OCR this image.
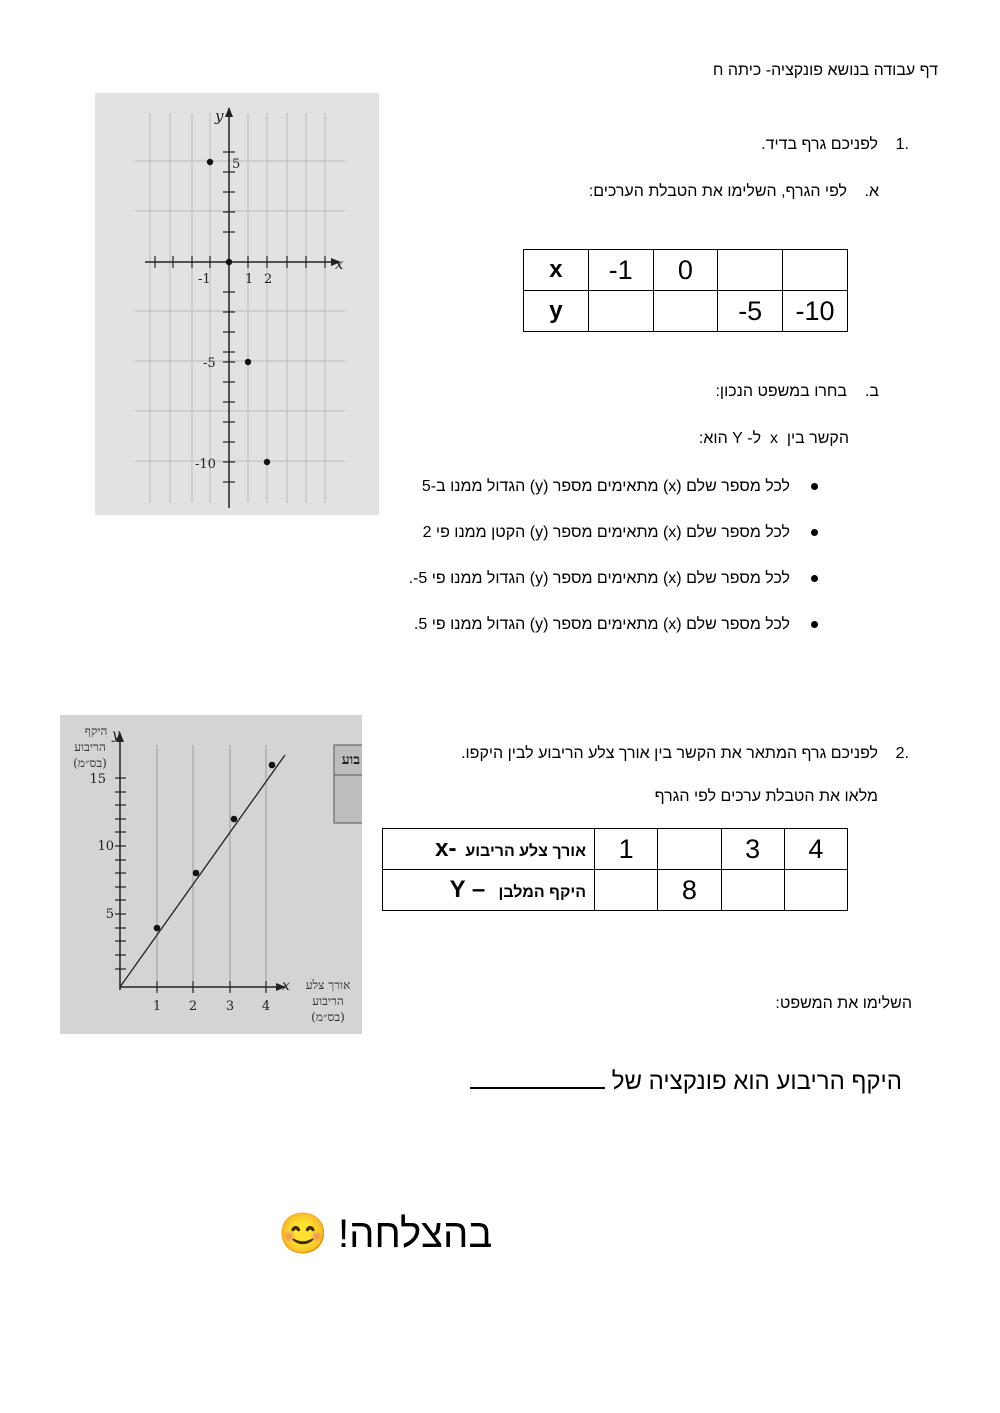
דף עבודה בנושא פונקציה- כיתה ח
y
x
5
-5
-10
-1	1 2
1.
לפניכם גרף בדיד.
א.
לפי הגרף, השלימו את הטבלת הערכים:
x	-1	0		
y			-5	-10
ב.
בחרו במשפט הנכון:
הקשר בין  x  ל- Y הוא:
לכל מספר שלם (x) מתאימים מספר (y) הגדול ממנו ב-5
לכל מספר שלם (x) מתאימים מספר (y) הקטן ממנו פי 2
לכל מספר שלם (x) מתאימים מספר (y) הגדול ממנו פי 5-.
לכל מספר שלם (x) מתאימים מספר (y) הגדול ממנו פי 5.
בוע
היקף
הריבוע
(בס״מ)
y
15
10
5
1 2 3 4
x אורך צלע
הריבוע
(בס״מ)
2.
לפניכם גרף המתאר את הקשר בין אורך צלע הריבוע לבין היקפו.
מלאו את הטבלת ערכים לפי הגרף
x- אורך צלע הריבוע	1		3	4
Y – היקף המלבן		8		
השלימו את המשפט:
היקף הריבוע הוא פונקציה של
😊 בהצלחה!
